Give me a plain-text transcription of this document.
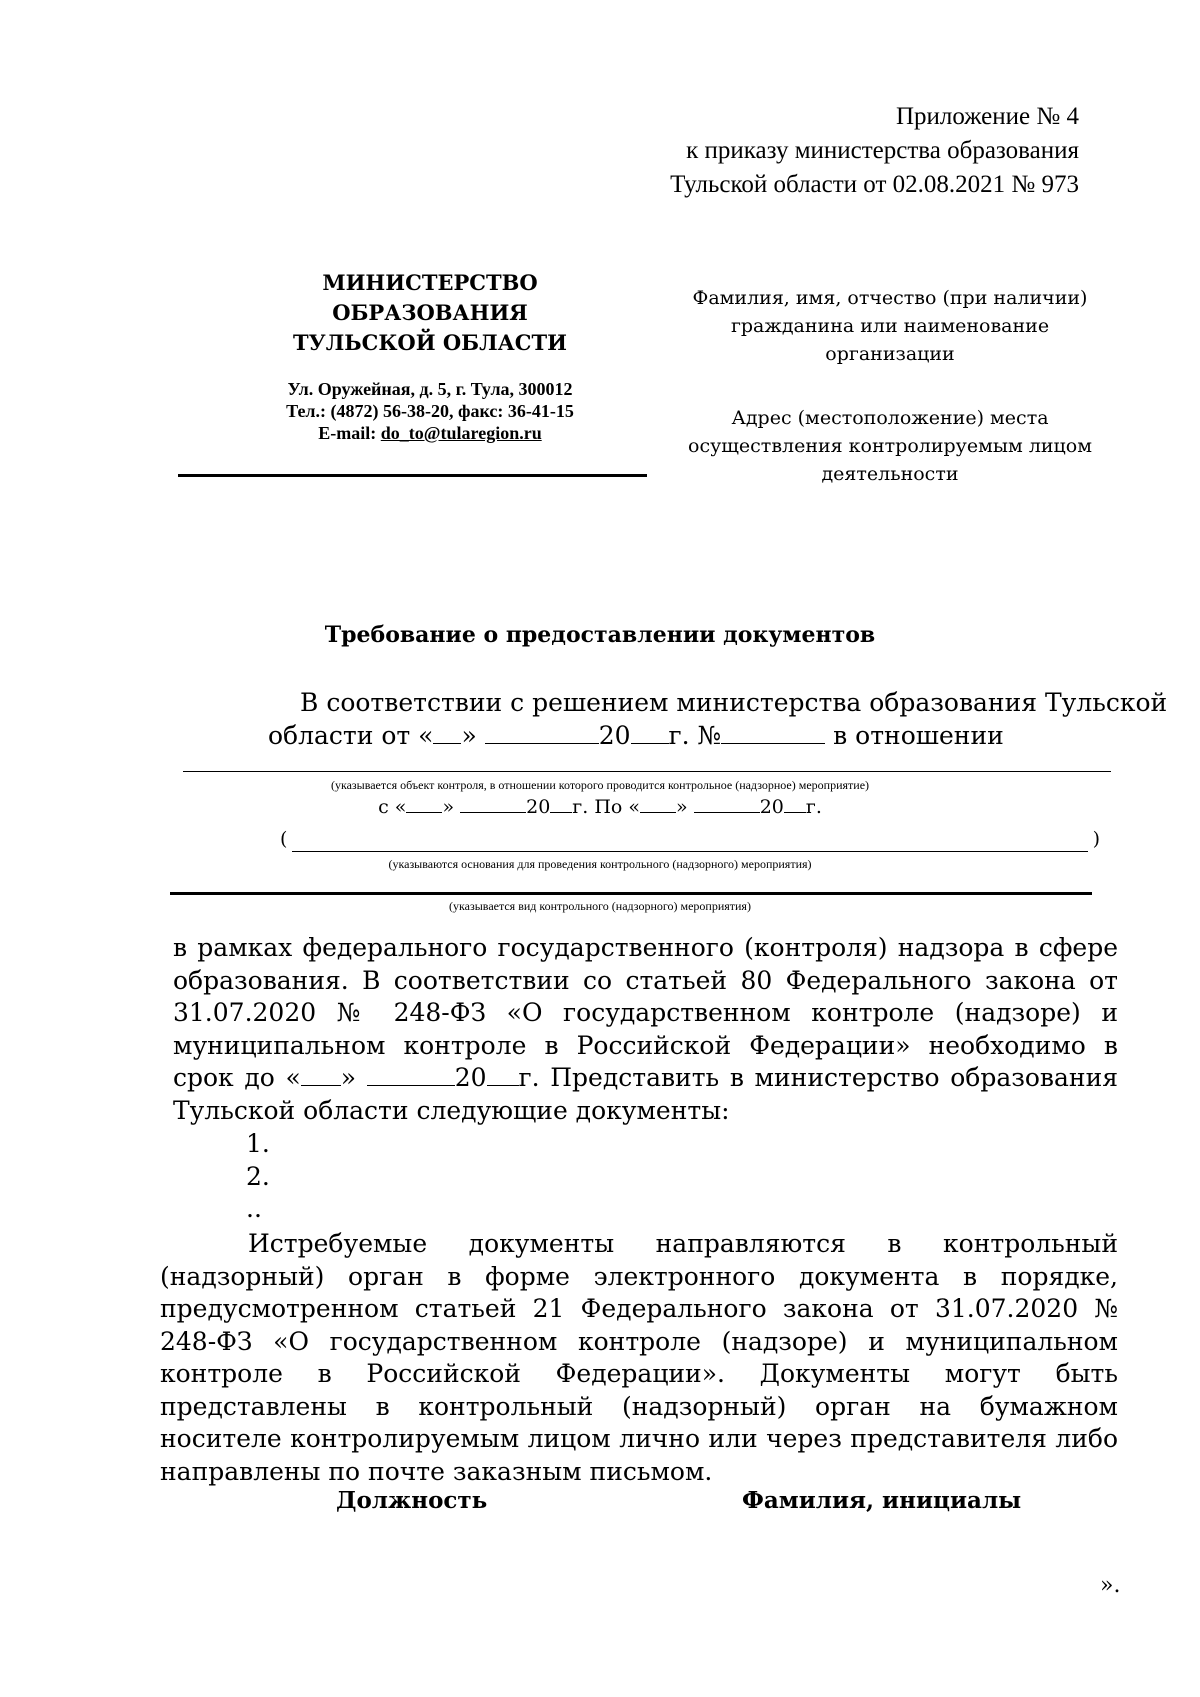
Приложение № 4
к приказу министерства образования
Тульской области от 02.08.2021 № 973
МИНИСТЕРСТВО
ОБРАЗОВАНИЯ
ТУЛЬСКОЙ ОБЛАСТИ
Ул. Оружейная, д. 5, г. Тула, 300012
Тел.: (4872) 56-38-20, факс: 36-41-15
E-mail: do_to@tularegion.ru
Фамилия, имя, отчество (при наличии)
гражданина или наименование
организации
Адрес (местоположение) места
осуществления контролируемым лицом
деятельности
Требование о предоставлении документов
В соответствии с решением министерства образования Тульской
области от « »	20 г. №	в отношении
(указывается объект контроля, в отношении которого проводится контрольное (надзорное) мероприятие)
с « »	20 г. По « »	20 г.
(	)
(указываются основания для проведения контрольного (надзорного) мероприятия)
(указывается вид контрольного (надзорного) мероприятия)
в рамках федерального государственного (контроля) надзора в сфере образования. В соответствии со статьей 80 Федерального закона от 31.07.2020 № 248-ФЗ «О государственном контроле (надзоре) и муниципальном контроле в Российской Федерации» необходимо в срок до « »	20 г. Представить в министерство образования Тульской области следующие документы:
1.
2.
..
Истребуемые документы направляются в контрольный (надзорный) орган в форме электронного документа в порядке, предусмотренном статьей 21 Федерального закона от 31.07.2020 № 248-ФЗ «О государственном контроле (надзоре) и муниципальном контроле в Российской Федерации». Документы могут быть представлены в контрольный (надзорный) орган на бумажном носителе контролируемым лицом лично или через представителя либо направлены по почте заказным письмом.
Должность	Фамилия, инициалы
».
